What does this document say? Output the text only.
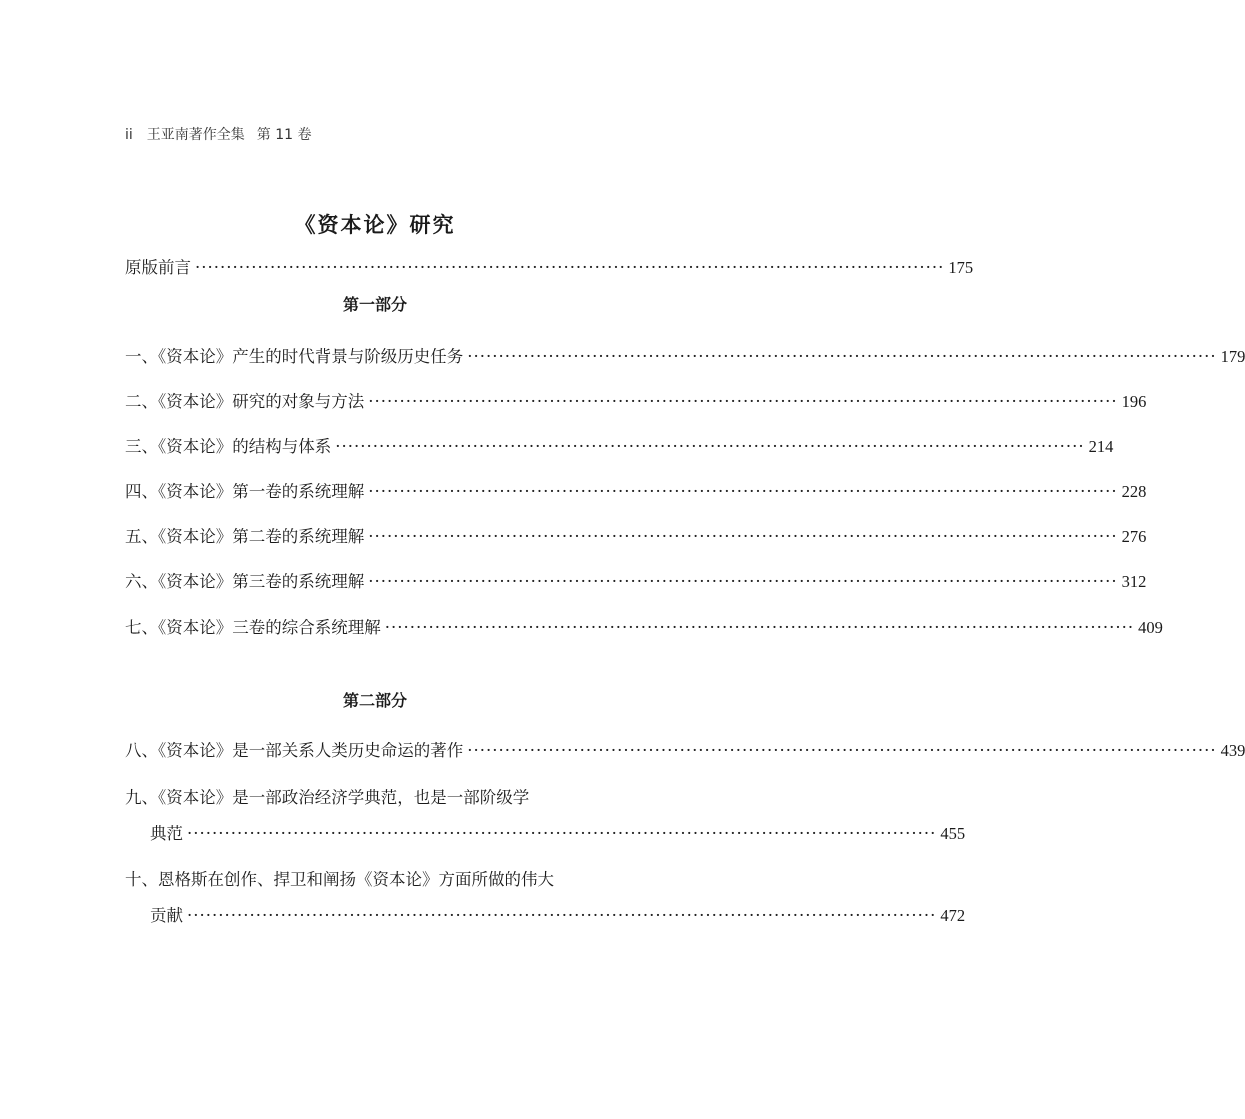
ii 王亚南著作全集 第 11 卷
《资本论》研究
原版前言 ························································································································ 175
第一部分
一、《资本论》产生的时代背景与阶级历史任务 ························································································································ 179
二、《资本论》研究的对象与方法 ························································································································ 196
三、《资本论》的结构与体系 ························································································································ 214
四、《资本论》第一卷的系统理解 ························································································································ 228
五、《资本论》第二卷的系统理解 ························································································································ 276
六、《资本论》第三卷的系统理解 ························································································································ 312
七、《资本论》三卷的综合系统理解 ························································································································ 409
第二部分
八、《资本论》是一部关系人类历史命运的著作 ························································································································ 439
九、《资本论》是一部政治经济学典范，也是一部阶级学
典范 ························································································································ 455
十、恩格斯在创作、捍卫和阐扬《资本论》方面所做的伟大
贡献 ························································································································ 472
